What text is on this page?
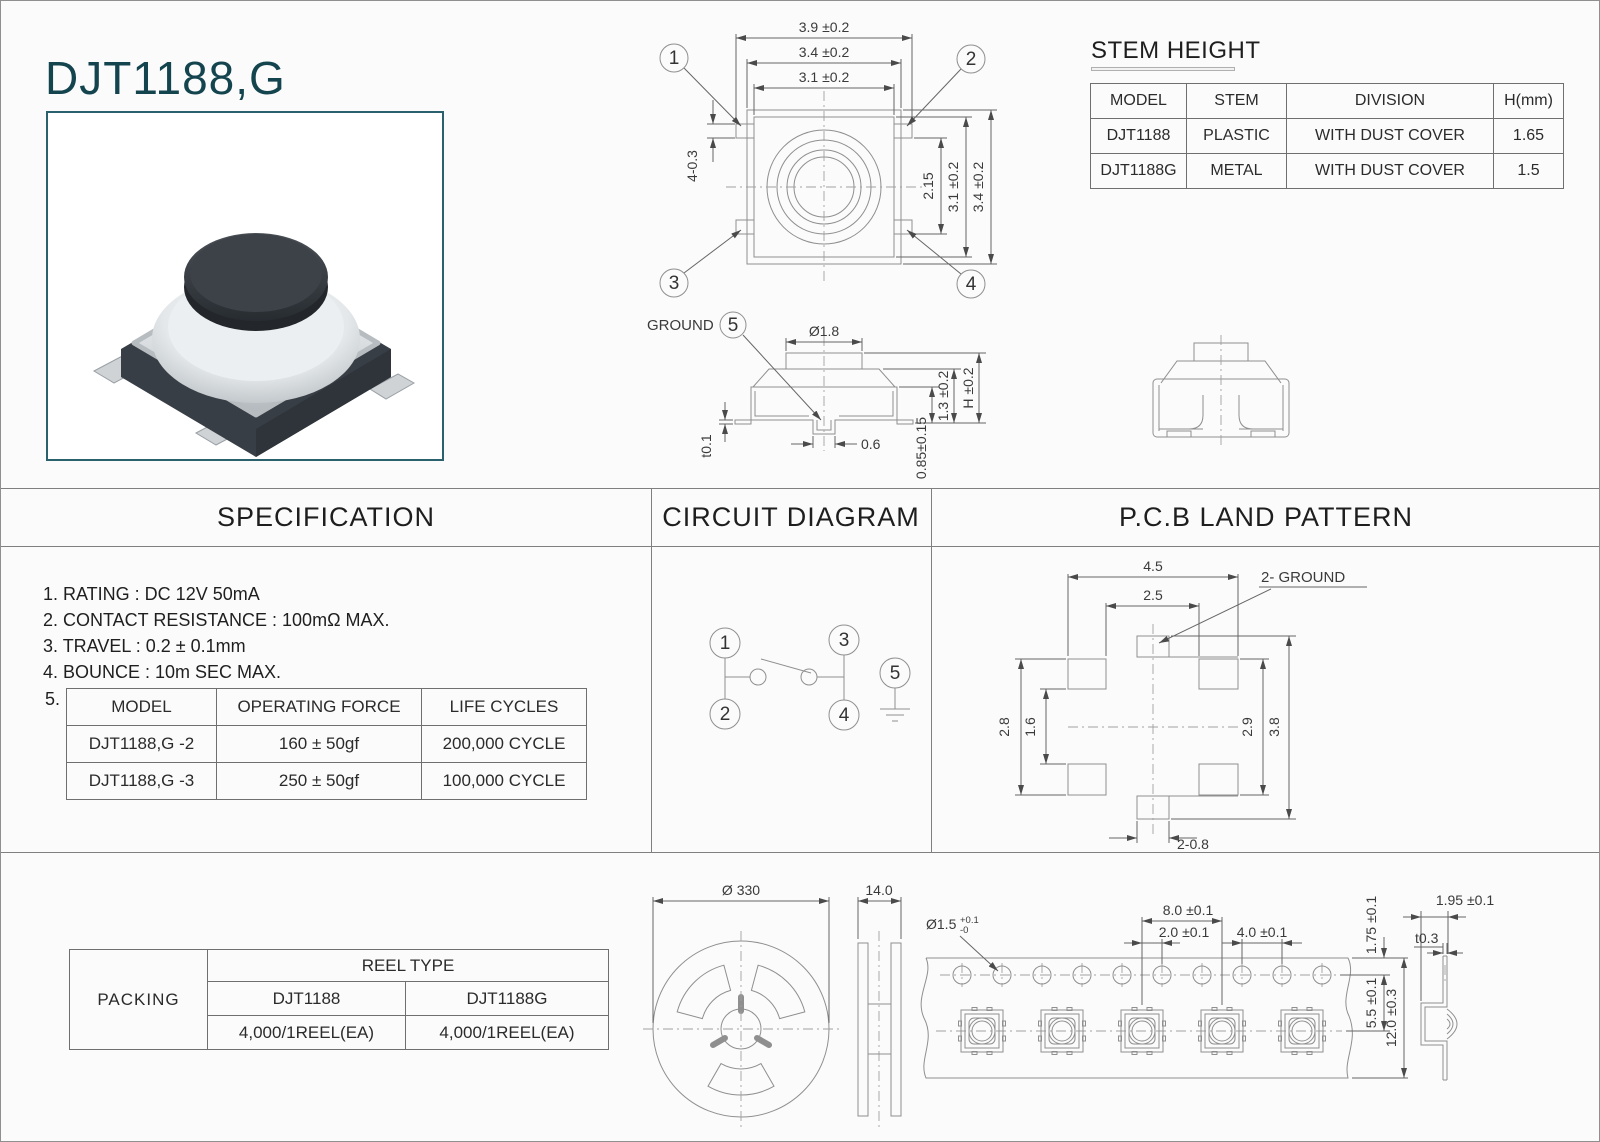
DJT1188,G
3.9 ±0.2
3.4 ±0.2
3.1 ±0.2
4-0.3
2.15 3.1 ±0.2 3.4 ±0.2
1	2
3	4
GROUND 5	Ø1.8
0.85±0.15
1.3 ±0.2 H ±0.2
0.6
t0.1
STEM HEIGHT
MODEL	STEM	DIVISION	H(mm)
DJT1188	PLASTIC	WITH DUST COVER	1.65
DJT1188G	METAL	WITH DUST COVER	1.5
SPECIFICATION	CIRCUIT DIAGRAM	P.C.B LAND PATTERN
1. RATING : DC 12V 50mA
2. CONTACT RESISTANCE : 100mΩ MAX.
3. TRAVEL : 0.2 ± 0.1mm
4. BOUNCE : 10m SEC MAX.
5.	MODEL	OPERATING FORCE	LIFE CYCLES
DJT1188,G -2	160 ± 50gf	200,000 CYCLE
DJT1188,G -3	250 ± 50gf	100,000 CYCLE
1
2
3
4
5
4.5
2.5
2- GROUND
2.8 1.6	2.9 3.8
2-0.8
PACKING	REEL TYPE	
	DJT1188	DJT1188G
	4,000/1REEL(EA)	4,000/1REEL(EA)
Ø 330	14.0
8.0 ±0.1
2.0 ±0.1 4.0 ±0.1
Ø1.5 +0.1
-0	1.75 ±0.1
5.5 ±0.1 12.0 ±0.3
1.95 ±0.1
t0.3
